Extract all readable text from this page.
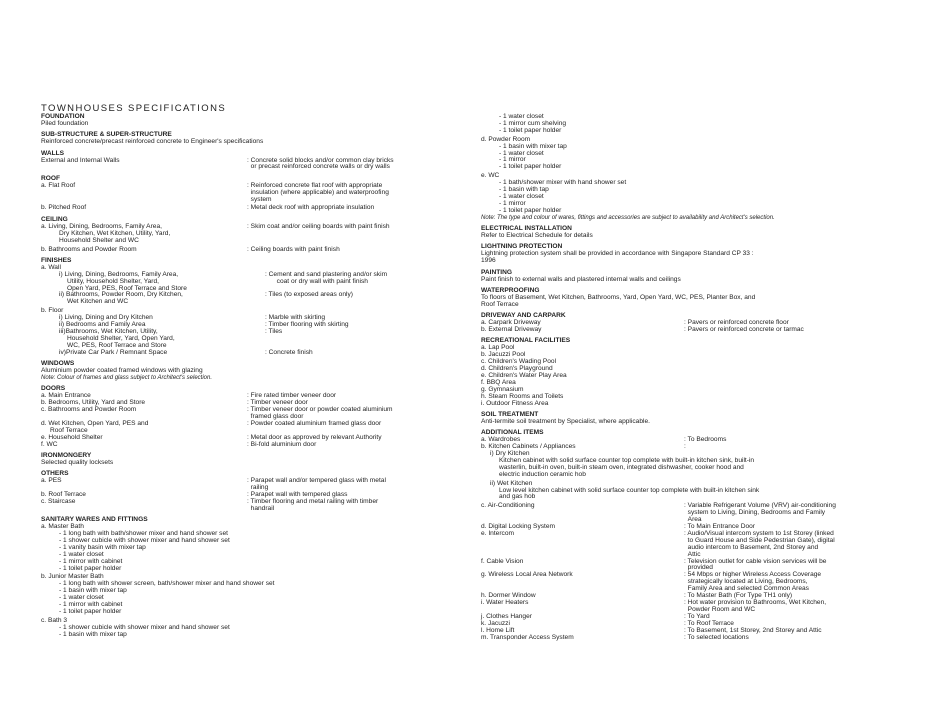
TOWNHOUSES SPECIFICATIONS
FOUNDATION
Piled foundation
SUB-STRUCTURE & SUPER-STRUCTURE
Reinforced concrete/precast reinforced concrete to Engineer's specifications
WALLS
External and Internal Walls	: Concrete solid blocks and/or common clay bricks
or precast reinforced concrete walls or dry walls
ROOF
a. Flat Roof	: Reinforced concrete flat roof with appropriate
insulation (where applicable) and waterproofing
system
b. Pitched Roof	: Metal deck roof with appropriate insulation
CEILING
a. Living, Dining, Bedrooms, Family Area,	: Skim coat and/or ceiling boards with paint finish
Dry Kitchen, Wet Kitchen, Utility, Yard,
Household Shelter and WC
b. Bathrooms and Powder Room	: Ceiling boards with paint finish
FINISHES
a. Wall
i) Living, Dining, Bedrooms, Family Area,	: Cement and sand plastering and/or skim
Utility, Household Shelter, Yard,	coat or dry wall with paint finish
Open Yard, PES, Roof Terrace and Store
ii) Bathrooms, Powder Room, Dry Kitchen,	: Tiles (to exposed areas only)
Wet Kitchen and WC
b. Floor
i) Living, Dining and Dry Kitchen	: Marble with skirting
ii) Bedrooms and Family Area	: Timber flooring with skirting
iii)Bathrooms, Wet Kitchen, Utility,	: Tiles
Household Shelter, Yard, Open Yard,
WC, PES, Roof Terrace and Store
iv)Private Car Park / Remnant Space	: Concrete finish
WINDOWS
Aluminium powder coated framed windows with glazing
Note: Colour of frames and glass subject to Architect's selection.
DOORS
a. Main Entrance	: Fire rated timber veneer door
b. Bedrooms, Utility, Yard and Store	: Timber veneer door
c. Bathrooms and Powder Room	: Timber veneer door or powder coated aluminium
framed glass door
d. Wet Kitchen, Open Yard, PES and	: Powder coated aluminium framed glass door
Roof Terrace
e. Household Shelter	: Metal door as approved by relevant Authority
f. WC	: Bi-fold aluminium door
IRONMONGERY
Selected quality locksets
OTHERS
a. PES	: Parapet wall and/or tempered glass with metal
railing
b. Roof Terrace	: Parapet wall with tempered glass
c. Staircase	: Timber flooring and metal railing with timber
handrail
SANITARY WARES AND FITTINGS
a. Master Bath
- 1 long bath with bath/shower mixer and hand shower set
- 1 shower cubicle with shower mixer and hand shower set
- 1 vanity basin with mixer tap
- 1 water closet
- 1 mirror with cabinet
- 1 toilet paper holder
b. Junior Master Bath
- 1 long bath with shower screen, bath/shower mixer and hand shower set
- 1 basin with mixer tap
- 1 water closet
- 1 mirror with cabinet
- 1 toilet paper holder
c. Bath 3
- 1 shower cubicle with shower mixer and hand shower set
- 1 basin with mixer tap
- 1 water closet
- 1 mirror cum shelving
- 1 toilet paper holder
d. Powder Room
- 1 basin with mixer tap
- 1 water closet
- 1 mirror
- 1 toilet paper holder
e. WC
- 1 bath/shower mixer with hand shower set
- 1 basin with tap
- 1 water closet
- 1 mirror
- 1 toilet paper holder
Note: The type and colour of wares, fittings and accessories are subject to availability and Architect's selection.
ELECTRICAL INSTALLATION
Refer to Electrical Schedule for details
LIGHTNING PROTECTION
Lightning protection system shall be provided in accordance with Singapore Standard CP 33 :
1996
PAINTING
Paint finish to external walls and plastered internal walls and ceilings
WATERPROOFING
To floors of Basement, Wet Kitchen, Bathrooms, Yard, Open Yard, WC, PES, Planter Box, and
Roof Terrace
DRIVEWAY AND CARPARK
a. Carpark Driveway	: Pavers or reinforced concrete floor
b. External Driveway	: Pavers or reinforced concrete or tarmac
RECREATIONAL FACILITIES
a. Lap Pool
b. Jacuzzi Pool
c. Children's Wading Pool
d. Children's Playground
e. Children's Water Play Area
f. BBQ Area
g. Gymnasium
h. Steam Rooms and Toilets
i. Outdoor Fitness Area
SOIL TREATMENT
Anti-termite soil treatment by Specialist, where applicable.
ADDITIONAL ITEMS
a. Wardrobes	: To Bedrooms
b. Kitchen Cabinets / Appliances
:
i) Dry Kitchen
Kitchen cabinet with solid surface counter top complete with built-in kitchen sink, built-in
wasterlin, built-in oven, built-in steam oven, integrated dishwasher, cooker hood and
electric induction ceramic hob
ii) Wet Kitchen
Low level kitchen cabinet with solid surface counter top complete with built-in kitchen sink
and gas hob
c. Air-Conditioning	: Variable Refrigerant Volume (VRV) air-conditioning
system to Living, Dining, Bedrooms and Family
Area
d. Digital Locking System	: To Main Entrance Door
e. Intercom	: Audio/Visual intercom system to 1st Storey (linked
to Guard House and Side Pedestrian Gate), digital
audio intercom to Basement, 2nd Storey and
Attic
f. Cable Vision	: Television outlet for cable vision services will be
provided
g. Wireless Local Area Network	: 54 Mbps or higher Wireless Access Coverage
strategically located at Living, Bedrooms,
Family Area and selected Common Areas
h. Dormer Window	: To Master Bath (For Type TH1 only)
i. Water Heaters	: Hot water provision to Bathrooms, Wet Kitchen,
Powder Room and WC
j. Clothes Hanger	: To Yard
k. Jacuzzi	: To Roof Terrace
l. Home Lift	: To Basement, 1st Storey, 2nd Storey and Attic
m. Transponder Access System	: To selected locations
